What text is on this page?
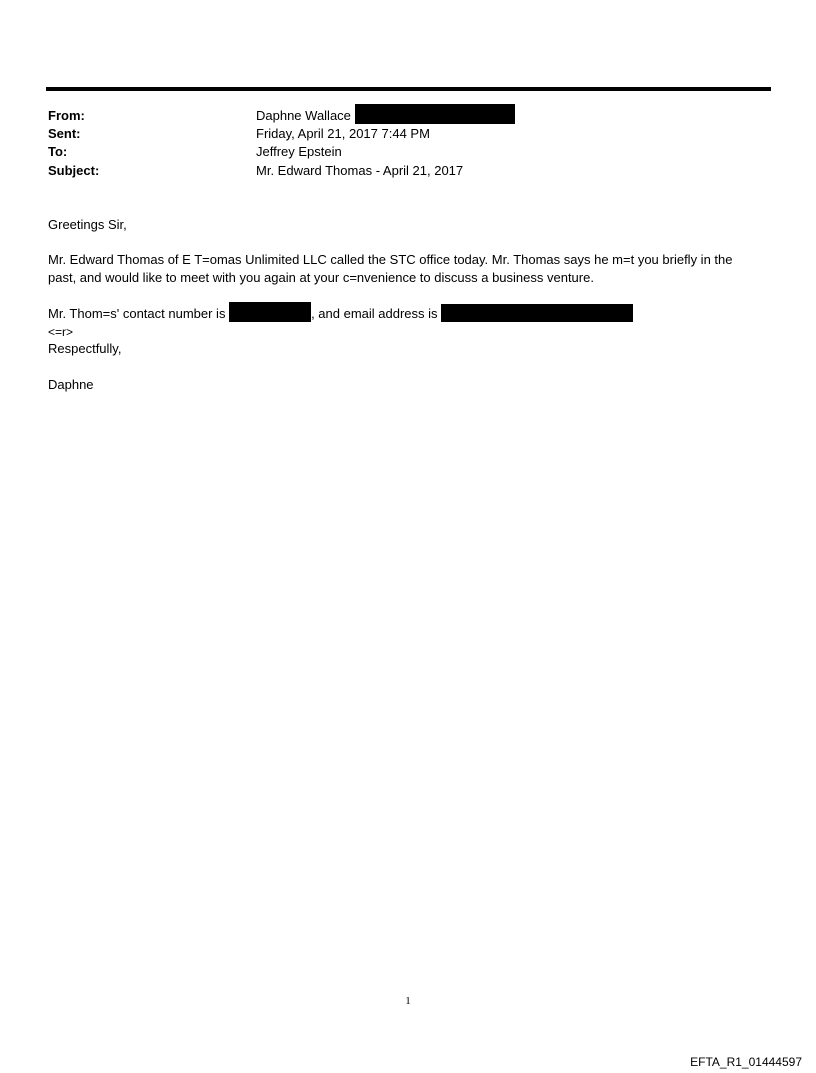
From:	Daphne Wallace
Sent:	Friday, April 21, 2017 7:44 PM
To:	Jeffrey Epstein
Subject:	Mr. Edward Thomas - April 21, 2017
Greetings Sir,
Mr. Edward Thomas of E T=omas Unlimited LLC called the STC office today. Mr. Thomas says he m=t you briefly in the
past, and would like to meet with you again at your c=nvenience to discuss a business venture.
Mr. Thom=s' contact number is	, and email address is
<=r>
Respectfully,
Daphne
1
EFTA_R1_01444597
